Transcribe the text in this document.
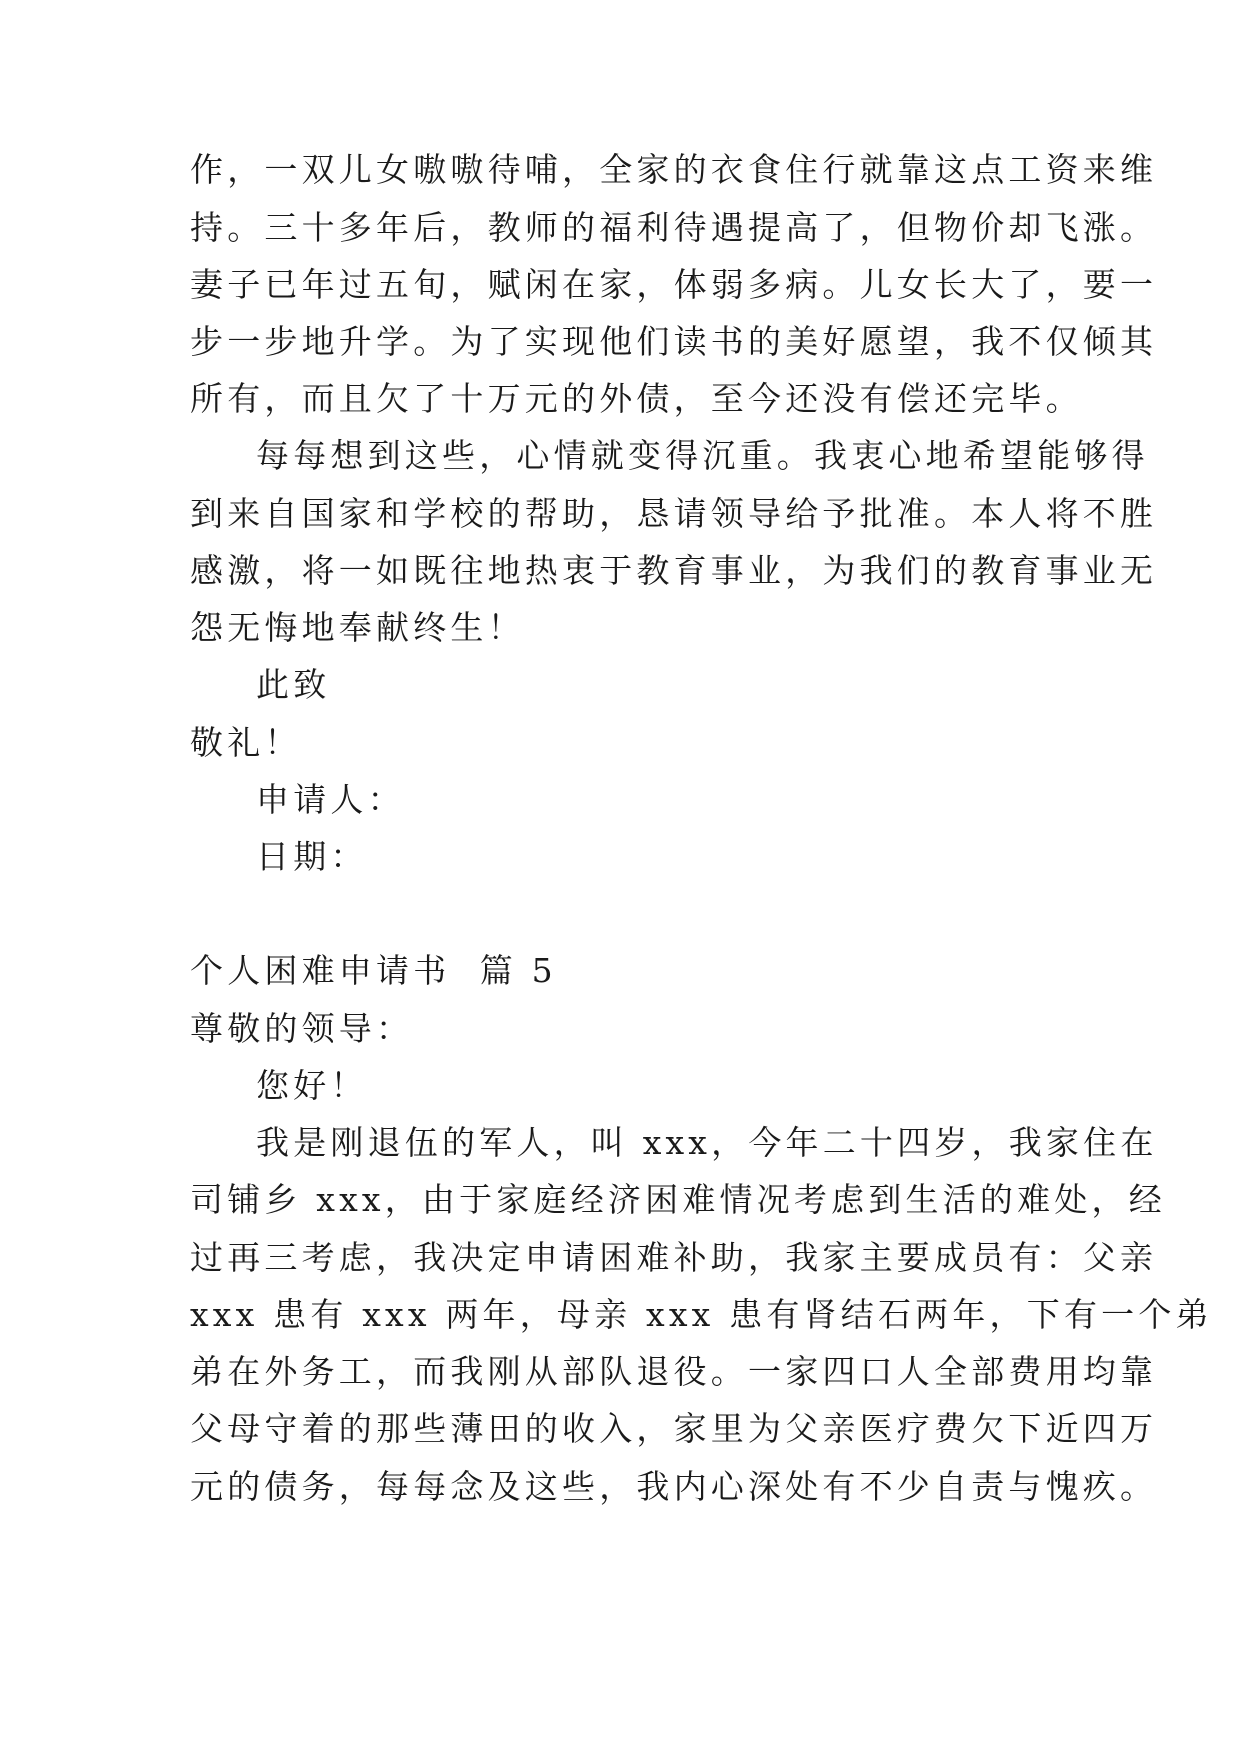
作，一双儿女嗷嗷待哺，全家的衣食住行就靠这点工资来维
持。三十多年后，教师的福利待遇提高了，但物价却飞涨。
妻子已年过五旬，赋闲在家，体弱多病。儿女长大了，要一
步一步地升学。为了实现他们读书的美好愿望，我不仅倾其
所有，而且欠了十万元的外债，至今还没有偿还完毕。
每每想到这些，心情就变得沉重。我衷心地希望能够得
到来自国家和学校的帮助，恳请领导给予批准。本人将不胜
感激，将一如既往地热衷于教育事业，为我们的教育事业无
怨无悔地奉献终生！
此致
敬礼！
申请人：
日期：
个人困难申请书  篇 5
尊敬的领导：
您好！
我是刚退伍的军人，叫 xxx，今年二十四岁，我家住在
司铺乡 xxx，由于家庭经济困难情况考虑到生活的难处，经
过再三考虑，我决定申请困难补助，我家主要成员有：父亲
xxx 患有 xxx 两年，母亲 xxx 患有肾结石两年，下有一个弟
弟在外务工，而我刚从部队退役。一家四口人全部费用均靠
父母守着的那些薄田的收入，家里为父亲医疗费欠下近四万
元的债务，每每念及这些，我内心深处有不少自责与愧疚。
